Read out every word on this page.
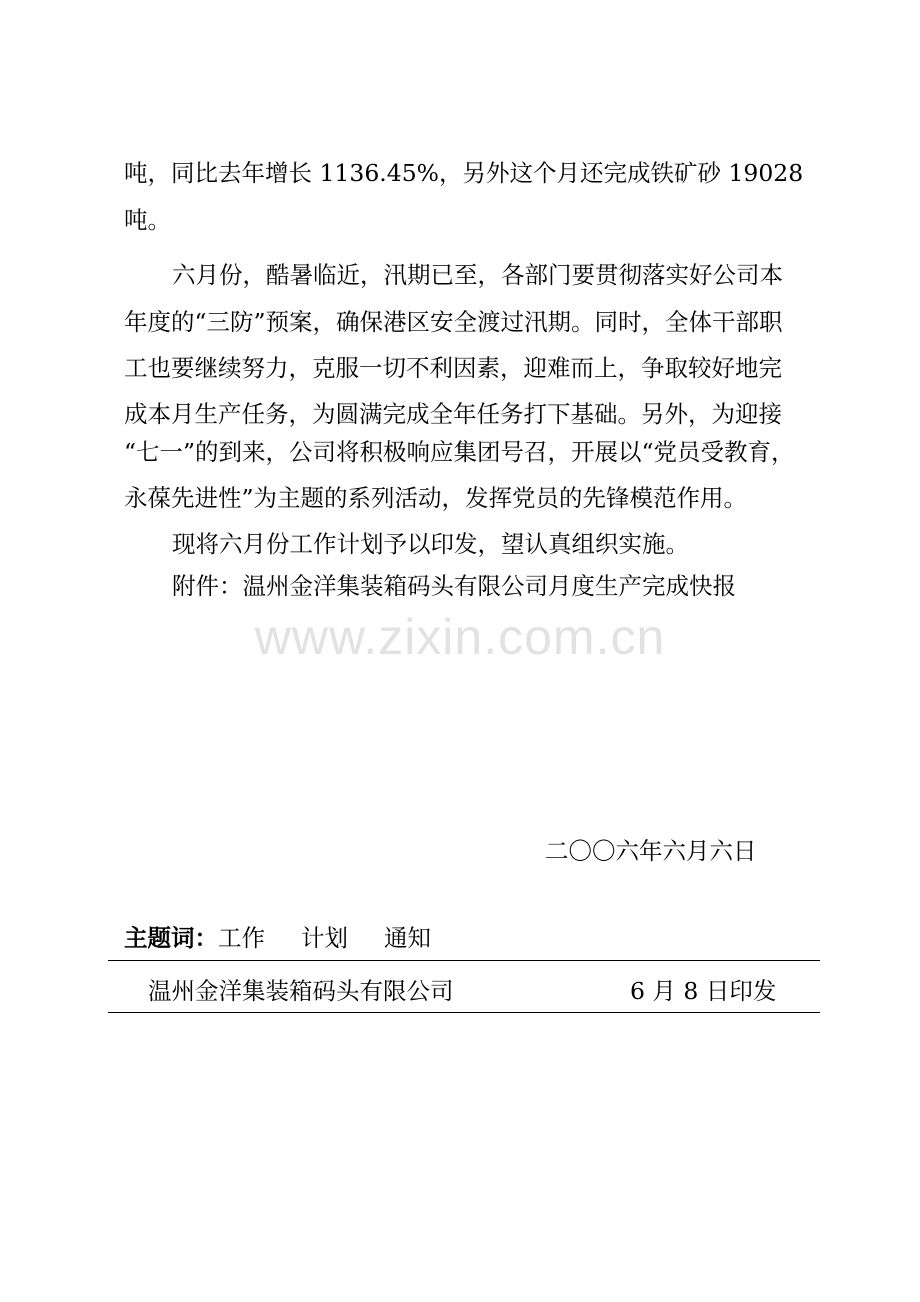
吨，同比去年增长 1136.45%，另外这个月还完成铁矿砂 19028
吨。
六月份，酷暑临近，汛期已至，各部门要贯彻落实好公司本
年度的“三防”预案，确保港区安全渡过汛期。同时，全体干部职
工也要继续努力，克服一切不利因素，迎难而上，争取较好地完
成本月生产任务，为圆满完成全年任务打下基础。另外，为迎接
“七一”的到来，公司将积极响应集团号召，开展以“党员受教育，
永葆先进性”为主题的系列活动，发挥党员的先锋模范作用。
现将六月份工作计划予以印发，望认真组织实施。
附件：温州金洋集装箱码头有限公司月度生产完成快报
www.zixin.com.cn
二〇〇六年六月六日
主题词：工作 计划 通知
温州金洋集装箱码头有限公司	6 月 8 日印发
